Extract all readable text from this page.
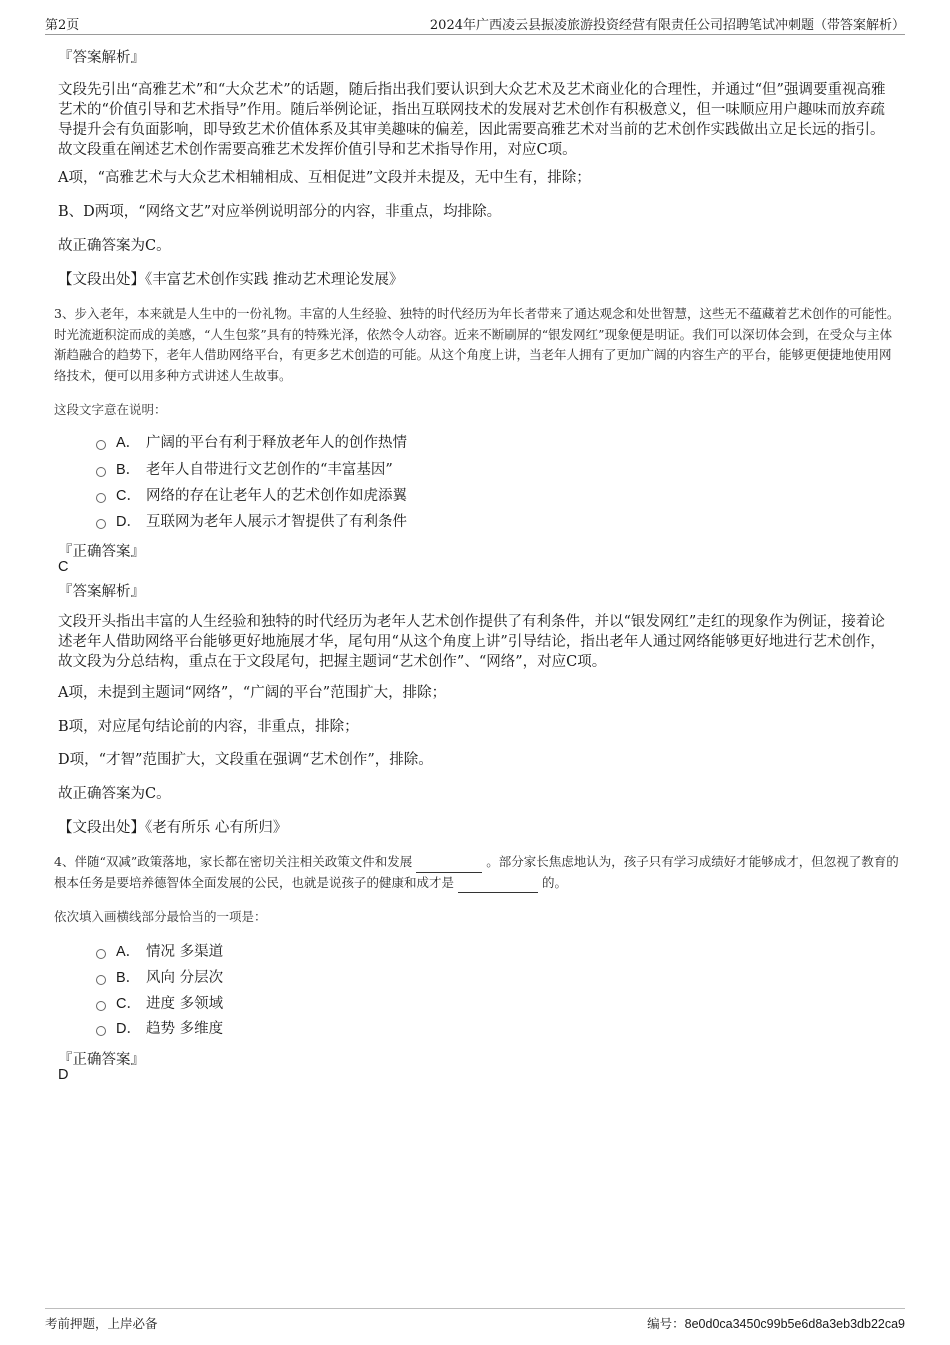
第2页	2024年广西凌云县振凌旅游投资经营有限责任公司招聘笔试冲刺题（带答案解析）
『答案解析』
文段先引出“高雅艺术”和“大众艺术”的话题，随后指出我们要认识到大众艺术及艺术商业化的合理性，并通过“但”强调要重视高雅艺术的“价值引导和艺术指导”作用。随后举例论证，指出互联网技术的发展对艺术创作有积极意义，但一味顺应用户趣味而放弃疏导提升会有负面影响，即导致艺术价值体系及其审美趣味的偏差，因此需要高雅艺术对当前的艺术创作实践做出立足长远的指引。故文段重在阐述艺术创作需要高雅艺术发挥价值引导和艺术指导作用，对应C项。
A项，“高雅艺术与大众艺术相辅相成、互相促进”文段并未提及，无中生有，排除；
B、D两项，“网络文艺”对应举例说明部分的内容，非重点，均排除。
故正确答案为C。
【文段出处】《丰富艺术创作实践 推动艺术理论发展》
3、步入老年，本来就是人生中的一份礼物。丰富的人生经验、独特的时代经历为年长者带来了通达观念和处世智慧，这些无不蕴藏着艺术创作的可能性。时光流逝积淀而成的美感，“人生包浆”具有的特殊光泽，依然令人动容。近来不断刷屏的“银发网红”现象便是明证。我们可以深切体会到，在受众与主体渐趋融合的趋势下，老年人借助网络平台，有更多艺术创造的可能。从这个角度上讲，当老年人拥有了更加广阔的内容生产的平台，能够更便捷地使用网络技术，便可以用多种方式讲述人生故事。
这段文字意在说明：
A． 广阔的平台有利于释放老年人的创作热情
B． 老年人自带进行文艺创作的“丰富基因”
C． 网络的存在让老年人的艺术创作如虎添翼
D． 互联网为老年人展示才智提供了有利条件
『正确答案』
C
『答案解析』
文段开头指出丰富的人生经验和独特的时代经历为老年人艺术创作提供了有利条件，并以“银发网红”走红的现象作为例证，接着论述老年人借助网络平台能够更好地施展才华，尾句用“从这个角度上讲”引导结论，指出老年人通过网络能够更好地进行艺术创作，故文段为分总结构，重点在于文段尾句，把握主题词“艺术创作”、“网络”，对应C项。
A项，未提到主题词“网络”，“广阔的平台”范围扩大，排除；
B项，对应尾句结论前的内容，非重点，排除；
D项，“才智”范围扩大，文段重在强调“艺术创作”，排除。
故正确答案为C。
【文段出处】《老有所乐 心有所归》
4、伴随“双减”政策落地，家长都在密切关注相关政策文件和发展	。部分家长焦虑地认为，孩子只有学习成绩好才能够成才，但忽视了教育的根本任务是要培养德智体全面发展的公民，也就是说孩子的健康和成才是	的。
依次填入画横线部分最恰当的一项是：
A． 情况 多渠道
B． 风向 分层次
C． 进度 多领域
D． 趋势 多维度
『正确答案』
D
考前押题，上岸必备	编号：8e0d0ca3450c99b5e6d8a3eb3db22ca9
